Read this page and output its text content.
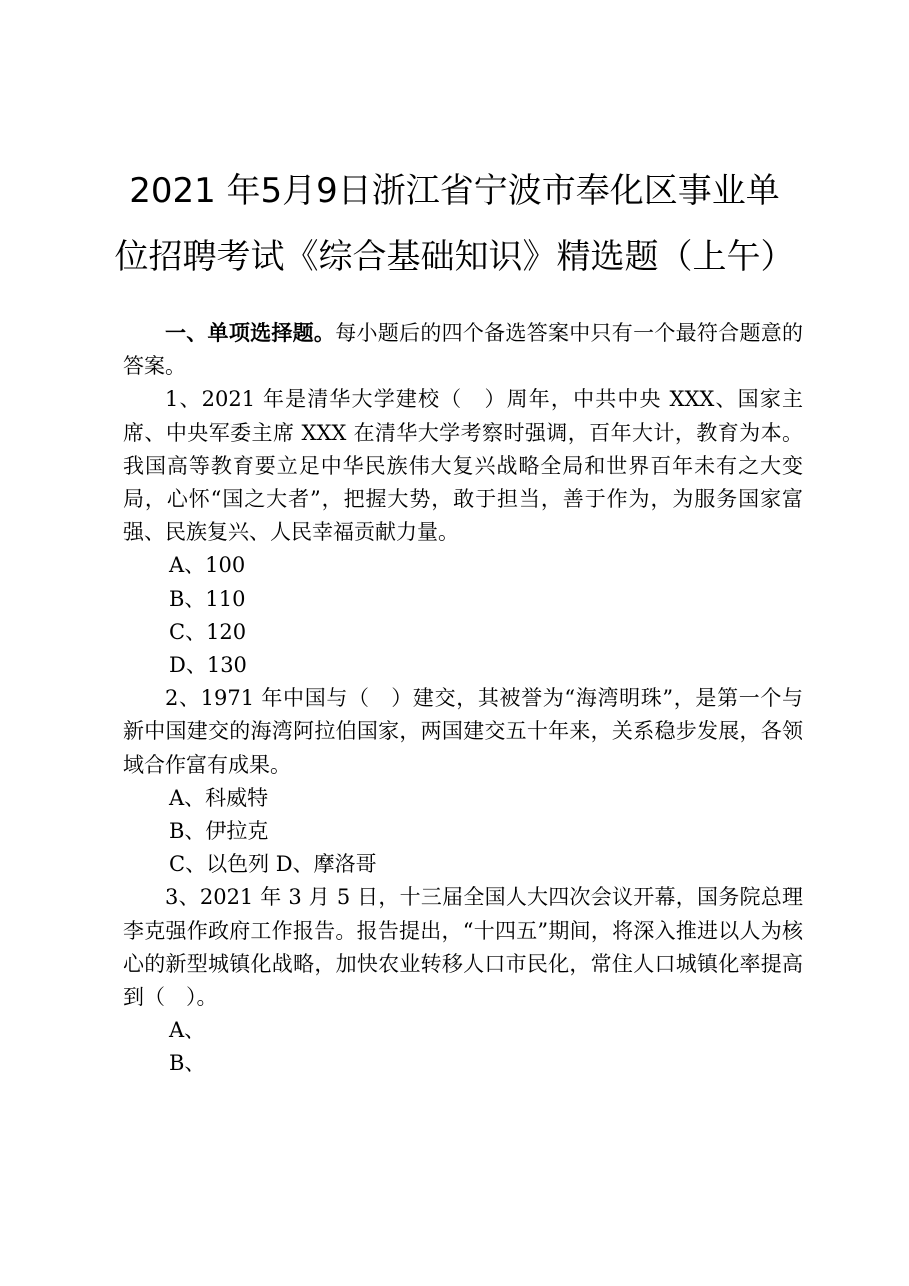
2021 年5月9日浙江省宁波市奉化区事业单
位招聘考试《综合基础知识》精选题（上午）

一、单项选择题。每小题后的四个备选答案中只有一个最符合题意的答案。

1、2021 年是清华大学建校（　）周年，中共中央 XXX、国家主席、中央军委主席 XXX 在清华大学考察时强调，百年大计，教育为本。我国高等教育要立足中华民族伟大复兴战略全局和世界百年未有之大变局，心怀“国之大者”，把握大势，敢于担当，善于作为，为服务国家富强、民族复兴、人民幸福贡献力量。

A、100

B、110

C、120

D、130

2、1971 年中国与（　）建交，其被誉为“海湾明珠”，是第一个与新中国建交的海湾阿拉伯国家，两国建交五十年来，关系稳步发展，各领域合作富有成果。

A、科威特

B、伊拉克

C、以色列 D、摩洛哥

3、2021 年 3 月 5 日，十三届全国人大四次会议开幕，国务院总理李克强作政府工作报告。报告提出，“十四五”期间，将深入推进以人为核心的新型城镇化战略，加快农业转移人口市民化，常住人口城镇化率提高到（　）。

A、

B、
